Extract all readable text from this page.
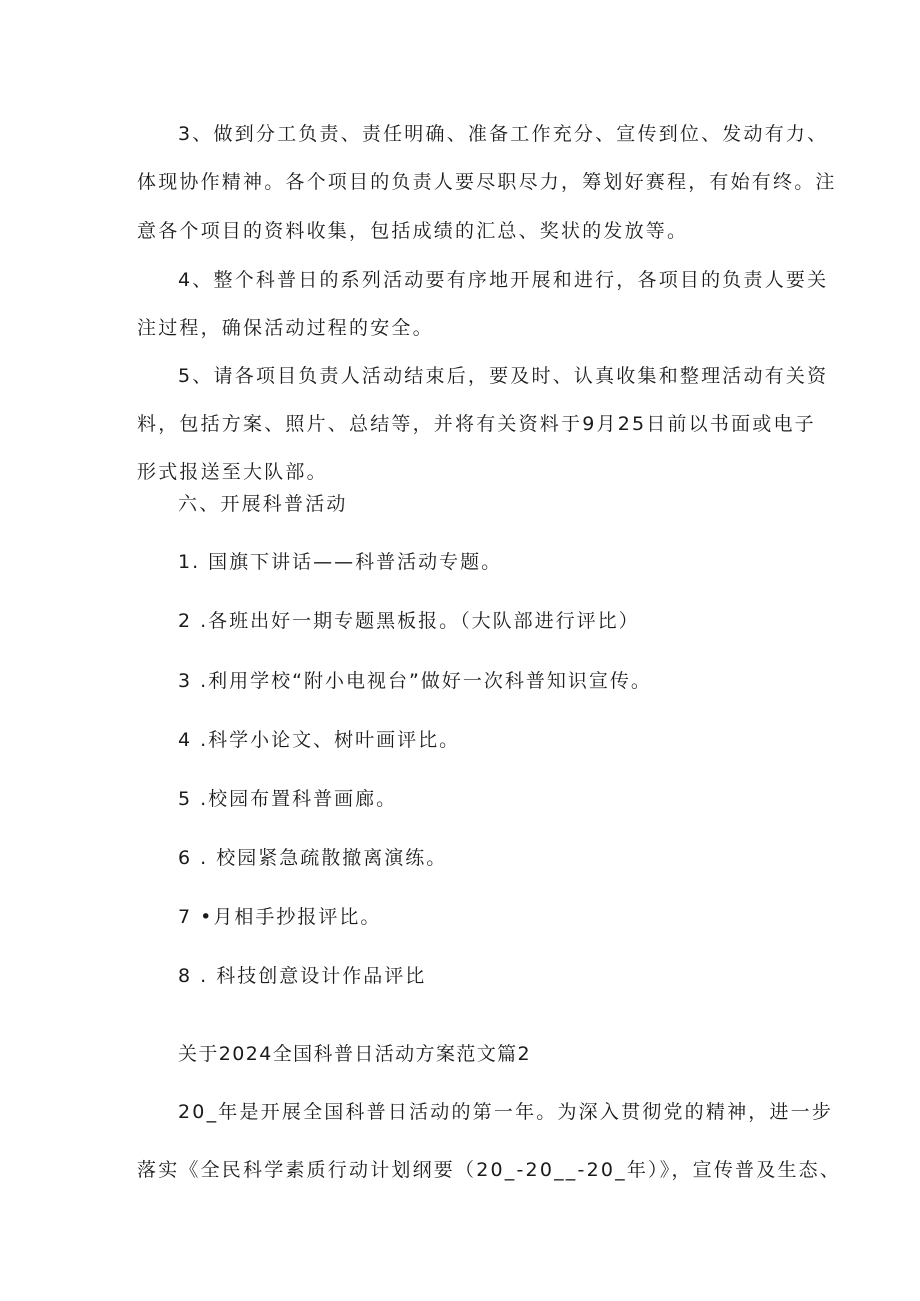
3、做到分工负责、责任明确、准备工作充分、宣传到位、发动有力、
体现协作精神。各个项目的负责人要尽职尽力，筹划好赛程，有始有终。注
意各个项目的资料收集，包括成绩的汇总、奖状的发放等。
4、整个科普日的系列活动要有序地开展和进行，各项目的负责人要关
注过程，确保活动过程的安全。
5、请各项目负责人活动结束后，要及时、认真收集和整理活动有关资
料，包括方案、照片、总结等，并将有关资料于9月25日前以书面或电子
形式报送至大队部。
六、开展科普活动
1. 国旗下讲话——科普活动专题。
2 .各班出好一期专题黑板报。（大队部进行评比）
3 .利用学校“附小电视台”做好一次科普知识宣传。
4 .科学小论文、树叶画评比。
5 .校园布置科普画廊。
6 . 校园紧急疏散撤离演练。
7 •月相手抄报评比。
8 . 科技创意设计作品评比
关于2024全国科普日活动方案范文篇2
20_年是开展全国科普日活动的第一年。为深入贯彻党的精神，进一步
落实《全民科学素质行动计划纲要（20_-20__-20_年）》，宣传普及生态、
